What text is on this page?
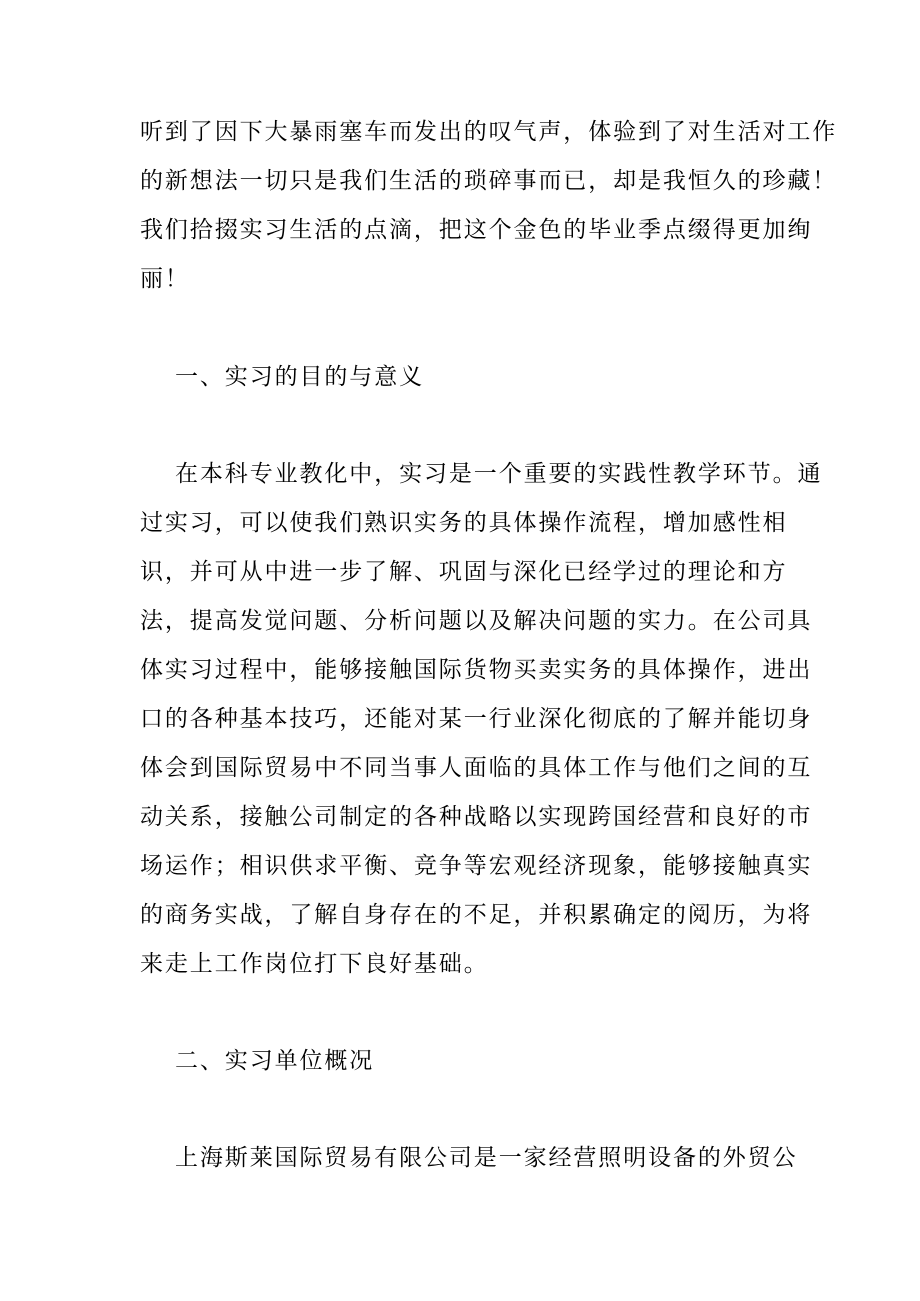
听到了因下大暴雨塞车而发出的叹气声，体验到了对生活对工作
的新想法一切只是我们生活的琐碎事而已，却是我恒久的珍藏！
我们拾掇实习生活的点滴，把这个金色的毕业季点缀得更加绚
丽！
一、实习的目的与意义
在本科专业教化中，实习是一个重要的实践性教学环节。通
过实习，可以使我们熟识实务的具体操作流程，增加感性相
识，并可从中进一步了解、巩固与深化已经学过的理论和方
法，提高发觉问题、分析问题以及解决问题的实力。在公司具
体实习过程中，能够接触国际货物买卖实务的具体操作，进出
口的各种基本技巧，还能对某一行业深化彻底的了解并能切身
体会到国际贸易中不同当事人面临的具体工作与他们之间的互
动关系，接触公司制定的各种战略以实现跨国经营和良好的市
场运作；相识供求平衡、竞争等宏观经济现象，能够接触真实
的商务实战，了解自身存在的不足，并积累确定的阅历，为将
来走上工作岗位打下良好基础。
二、实习单位概况
上海斯莱国际贸易有限公司是一家经营照明设备的外贸公
